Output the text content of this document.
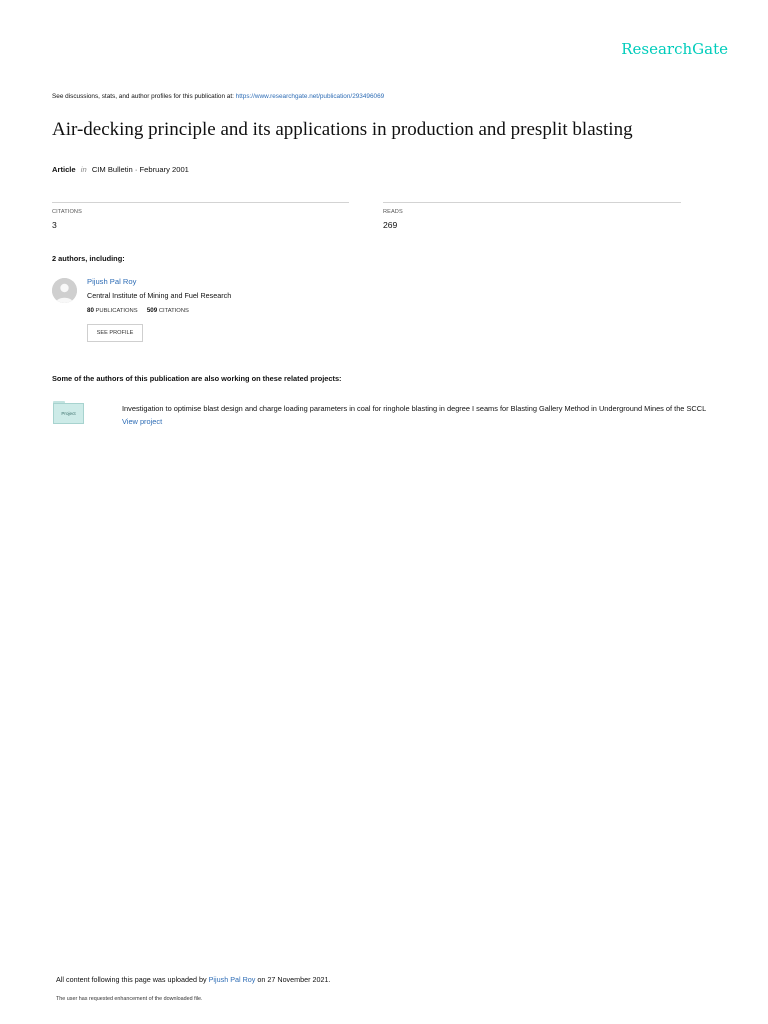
ResearchGate
See discussions, stats, and author profiles for this publication at: https://www.researchgate.net/publication/293496069
Air-decking principle and its applications in production and presplit blasting
Article in CIM Bulletin · February 2001
CITATIONS
3
READS
269
2 authors, including:
Pijush Pal Roy
Central Institute of Mining and Fuel Research
80 PUBLICATIONS 509 CITATIONS
SEE PROFILE
Some of the authors of this publication are also working on these related projects:
Project
Investigation to optimise blast design and charge loading parameters in coal for ringhole blasting in degree I seams for Blasting Gallery Method in Underground Mines of the SCCL View project
All content following this page was uploaded by Pijush Pal Roy on 27 November 2021.
The user has requested enhancement of the downloaded file.
